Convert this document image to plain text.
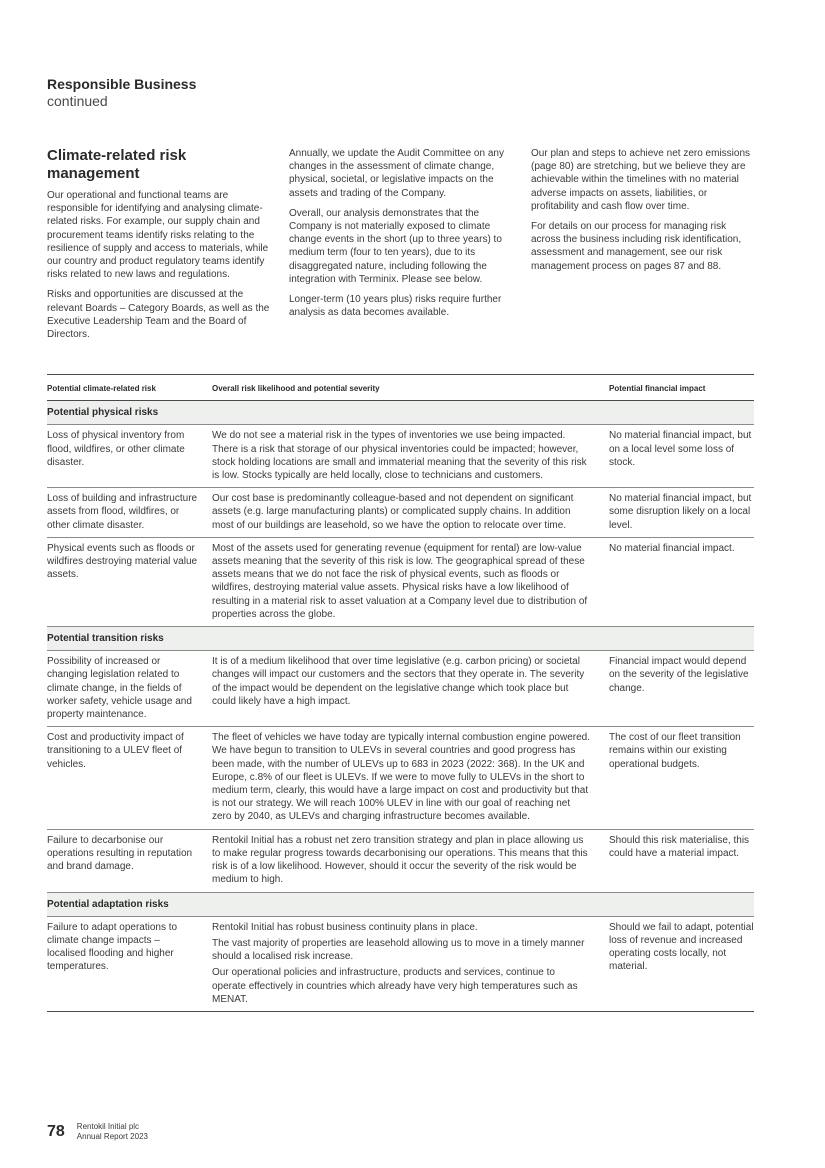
Responsible Business
continued
Climate-related risk management

Our operational and functional teams are responsible for identifying and analysing climate-related risks. For example, our supply chain and procurement teams identify risks relating to the resilience of supply and access to materials, while our country and product regulatory teams identify risks related to new laws and regulations.

Risks and opportunities are discussed at the relevant Boards – Category Boards, as well as the Executive Leadership Team and the Board of Directors.

Annually, we update the Audit Committee on any changes in the assessment of climate change, physical, societal, or legislative impacts on the assets and trading of the Company.

Overall, our analysis demonstrates that the Company is not materially exposed to climate change events in the short (up to three years) to medium term (four to ten years), due to its disaggregated nature, including following the integration with Terminix. Please see below.

Longer-term (10 years plus) risks require further analysis as data becomes available.

Our plan and steps to achieve net zero emissions (page 80) are stretching, but we believe they are achievable within the timelines with no material adverse impacts on assets, liabilities, or profitability and cash flow over time.

For details on our process for managing risk across the business including risk identification, assessment and management, see our risk management process on pages 87 and 88.

Potential climate-related risk	Overall risk likelihood and potential severity	Potential financial impact
Potential physical risks		
Loss of physical inventory from flood, wildfires, or other climate disaster.	We do not see a material risk in the types of inventories we use being impacted. There is a risk that storage of our physical inventories could be impacted; however, stock holding locations are small and immaterial meaning that the severity of this risk is low. Stocks typically are held locally, close to technicians and customers.	No material financial impact, but on a local level some loss of stock.
Loss of building and infrastructure assets from flood, wildfires, or other climate disaster.	Our cost base is predominantly colleague-based and not dependent on significant assets (e.g. large manufacturing plants) or complicated supply chains. In addition most of our buildings are leasehold, so we have the option to relocate over time.	No material financial impact, but some disruption likely on a local level.
Physical events such as floods or wildfires destroying material value assets.	Most of the assets used for generating revenue (equipment for rental) are low-value assets meaning that the severity of this risk is low. The geographical spread of these assets means that we do not face the risk of physical events, such as floods or wildfires, destroying material value assets. Physical risks have a low likelihood of resulting in a material risk to asset valuation at a Company level due to distribution of properties across the globe.	No material financial impact.
Potential transition risks		
Possibility of increased or changing legislation related to climate change, in the fields of worker safety, vehicle usage and property maintenance.	It is of a medium likelihood that over time legislative (e.g. carbon pricing) or societal changes will impact our customers and the sectors that they operate in. The severity of the impact would be dependent on the legislative change which took place but could likely have a high impact.	Financial impact would depend on the severity of the legislative change.
Cost and productivity impact of transitioning to a ULEV fleet of vehicles.	The fleet of vehicles we have today are typically internal combustion engine powered. We have begun to transition to ULEVs in several countries and good progress has been made, with the number of ULEVs up to 683 in 2023 (2022: 368). In the UK and Europe, c.8% of our fleet is ULEVs. If we were to move fully to ULEVs in the short to medium term, clearly, this would have a large impact on cost and productivity but that is not our strategy. We will reach 100% ULEV in line with our goal of reaching net zero by 2040, as ULEVs and charging infrastructure becomes available.	The cost of our fleet transition remains within our existing operational budgets.
Failure to decarbonise our operations resulting in reputation and brand damage.	Rentokil Initial has a robust net zero transition strategy and plan in place allowing us to make regular progress towards decarbonising our operations. This means that this risk is of a low likelihood. However, should it occur the severity of the risk would be medium to high.	Should this risk materialise, this could have a material impact.
Potential adaptation risks		
Failure to adapt operations to climate change impacts – localised flooding and higher temperatures.	Rentokil Initial has robust business continuity plans in place.
The vast majority of properties are leasehold allowing us to move in a timely manner should a localised risk increase.
Our operational policies and infrastructure, products and services, continue to operate effectively in countries which already have very high temperatures such as MENAT.	Should we fail to adapt, potential loss of revenue and increased operating costs locally, not material.
78 Rentokil Initial plc
Annual Report 2023
